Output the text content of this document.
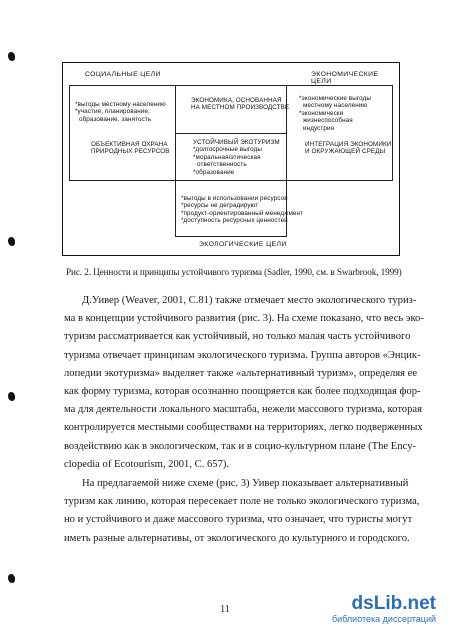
СОЦИАЛЬНЫЕ ЦЕЛИ	ЭКОНОМИЧЕСКИЕ ЦЕЛИ
*выгоды местному населению
*участие, планирование,
образование, занятость
ЭКОНОМИКА, ОСНОВАННАЯ
НА МЕСТНОМ ПРОИЗВОДСТВЕ
*экономические выгоды
местному населению
*экономически
жизнеспособная
индустрия
ОБЪЕКТИВНАЯ ОХРАНА
ПРИРОДНЫХ РЕСУРСОВ
УСТОЙЧИВЫЙ ЭКОТУРИЗМ
*долгосрочные выгоды
*моральная/этическая
ответственность
*образование
ИНТЕГРАЦИЯ ЭКОНОМИКИ
И ОКРУЖАЮЩЕЙ СРЕДЫ
*выгоды в использовании ресурсов
*ресурсы не деградируют
*продукт-ориентированный менеджмент
*доступность ресурсных ценностей
ЭКОЛОГИЧЕСКИЕ ЦЕЛИ
Рис. 2. Ценности и принципы устойчивого туризма (Sadler, 1990, см. в Swarbrook, 1999)
Д.Уивер (Weaver, 2001, С.81) также отмечает место экологического туриз-
ма в концепции устойчивого развития (рис. 3). На схеме показано, что весь эко-
туризм рассматривается как устойчивый, но только малая часть устойчивого
туризма отвечает принципам экологического туризма. Группа авторов «Энцик-
лопедии экотуризма» выделяет также «альтернативный туризм», определяя ее
как форму туризма, которая осознанно поощряется как более подходящая фор-
ма для деятельности локального масштаба, нежели массового туризма, которая
контролируется местными сообществами на территориях, легко подверженных
воздействию как в экологическом, так и в социо-культурном плане (The Ency-
clopedia of Ecotourism, 2001, C. 657).
На предлагаемой ниже схеме (рис. 3) Уивер показывает альтернативный
туризм как линию, которая пересекает поле не только экологического туризма,
но и устойчивого и даже массового туризма, что означает, что туристы могут
иметь разные альтернативы, от экологического до культурного и городского.
11	dsLib.net
библиотека диссертаций
